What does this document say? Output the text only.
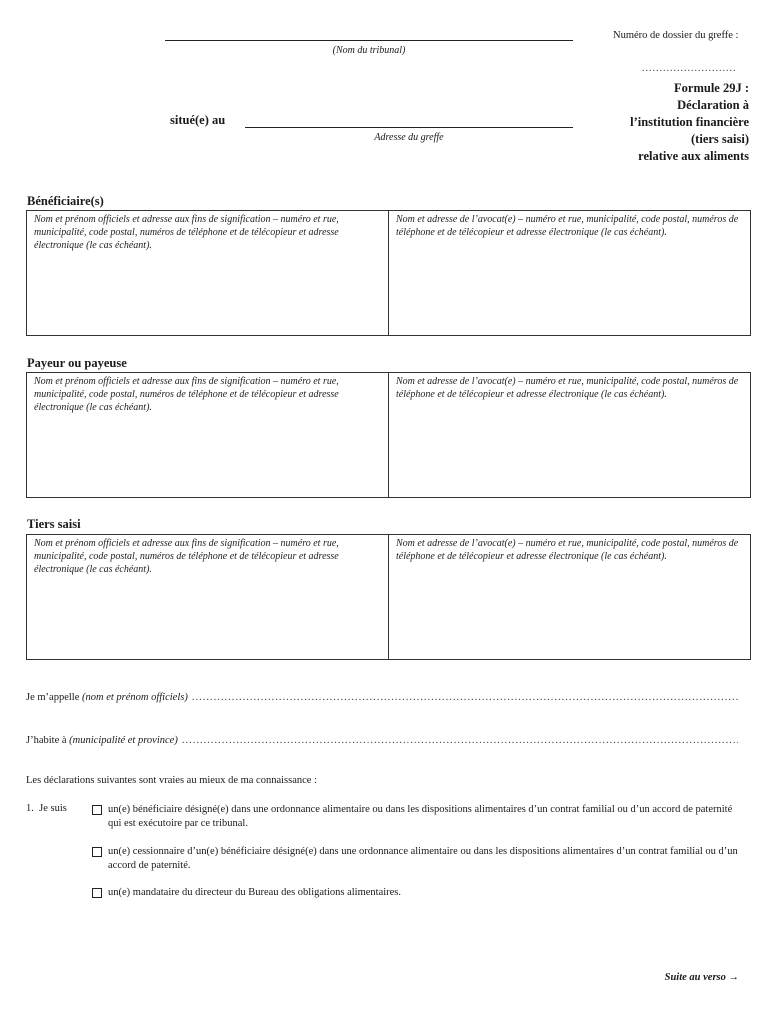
(Nom du tribunal)
Numéro de dossier du greffe :
...........................
situé(e) au
Adresse du greffe
Formule 29J :
Déclaration à
l’institution financière
(tiers saisi)
relative aux aliments
Bénéficiaire(s)
Nom et prénom officiels et adresse aux fins de signification – numéro et rue, municipalité, code postal, numéros de téléphone et de télécopieur et adresse électronique (le cas échéant).
Nom et adresse de l’avocat(e) – numéro et rue, municipalité, code postal, numéros de téléphone et de télécopieur et adresse électronique (le cas échéant).
Payeur ou payeuse
Nom et prénom officiels et adresse aux fins de signification – numéro et rue, municipalité, code postal, numéros de téléphone et de télécopieur et adresse électronique (le cas échéant).
Nom et adresse de l’avocat(e) – numéro et rue, municipalité, code postal, numéros de téléphone et de télécopieur et adresse électronique (le cas échéant).
Tiers saisi
Nom et prénom officiels et adresse aux fins de signification – numéro et rue, municipalité, code postal, numéros de téléphone et de télécopieur et adresse électronique (le cas échéant).
Nom et adresse de l’avocat(e) – numéro et rue, municipalité, code postal, numéros de téléphone et de télécopieur et adresse électronique (le cas échéant).
Je m’appelle
(nom et prénom officiels)
.....
J’habite à
(municipalité et province)
.....
Les déclarations suivantes sont vraies au mieux de ma connaissance :
1.  Je suis	un(e) bénéficiaire désigné(e) dans une ordonnance alimentaire ou dans les dispositions alimentaires d’un contrat familial ou d’un accord de paternité qui est exécutoire par ce tribunal.
un(e) cessionnaire d’un(e) bénéficiaire désigné(e) dans une ordonnance alimentaire ou dans les dispositions alimentaires d’un contrat familial ou d’un accord de paternité.
un(e) mandataire du directeur du Bureau des obligations alimentaires.
Suite au verso →
